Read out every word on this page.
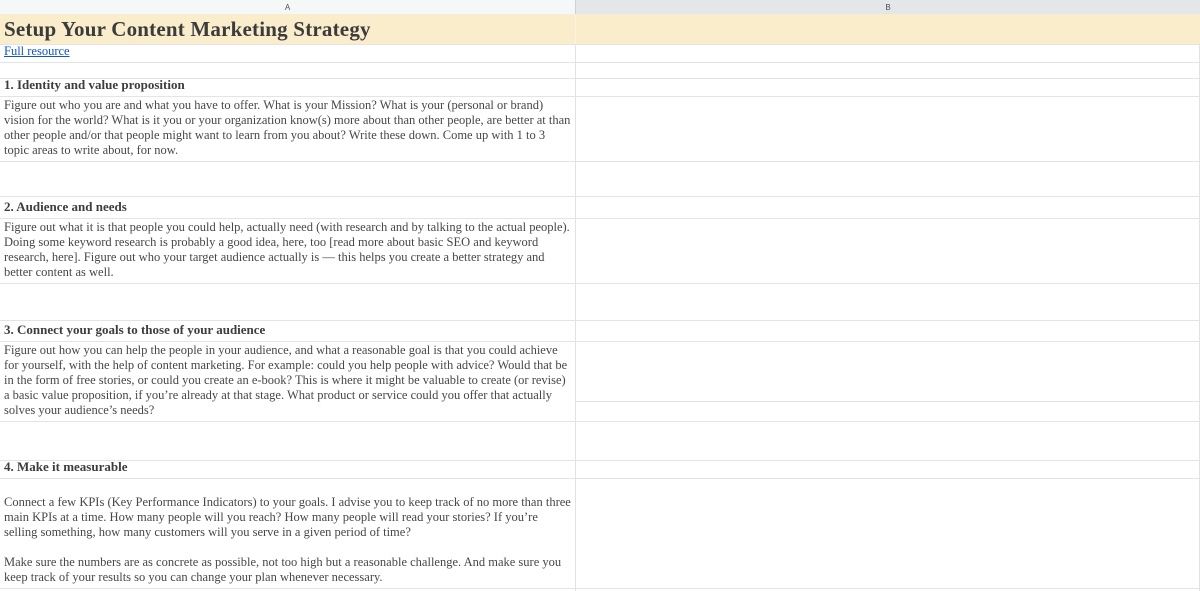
A	B
Setup Your Content Marketing Strategy
Full resource
1. Identity and value proposition

Figure out who you are and what you have to offer. What is your Mission? What is your (personal or brand) vision for the world? What is it you or your organization know(s) more about than other people, are better at than other people and/or that people might want to learn from you about? Write these down. Come up with 1 to 3 topic areas to write about, for now.

2. Audience and needs

Figure out what it is that people you could help, actually need (with research and by talking to the actual people). Doing some keyword research is probably a good idea, here, too [read more about basic SEO and keyword research, here]. Figure out who your target audience actually is — this helps you create a better strategy and better content as well.

3. Connect your goals to those of your audience

Figure out how you can help the people in your audience, and what a reasonable goal is that you could achieve for yourself, with the help of content marketing. For example: could you help people with advice? Would that be in the form of free stories, or could you create an e-book? This is where it might be valuable to create (or revise) a basic value proposition, if you’re already at that stage. What product or service could you offer that actually solves your audience’s needs?

4. Make it measurable

Connect a few KPIs (Key Performance Indicators) to your goals. I advise you to keep track of no more than three main KPIs at a time. How many people will you reach? How many people will read your stories? If you’re selling something, how many customers will you serve in a given period of time?

Make sure the numbers are as concrete as possible, not too high but a reasonable challenge. And make sure you keep track of your results so you can change your plan whenever necessary.
